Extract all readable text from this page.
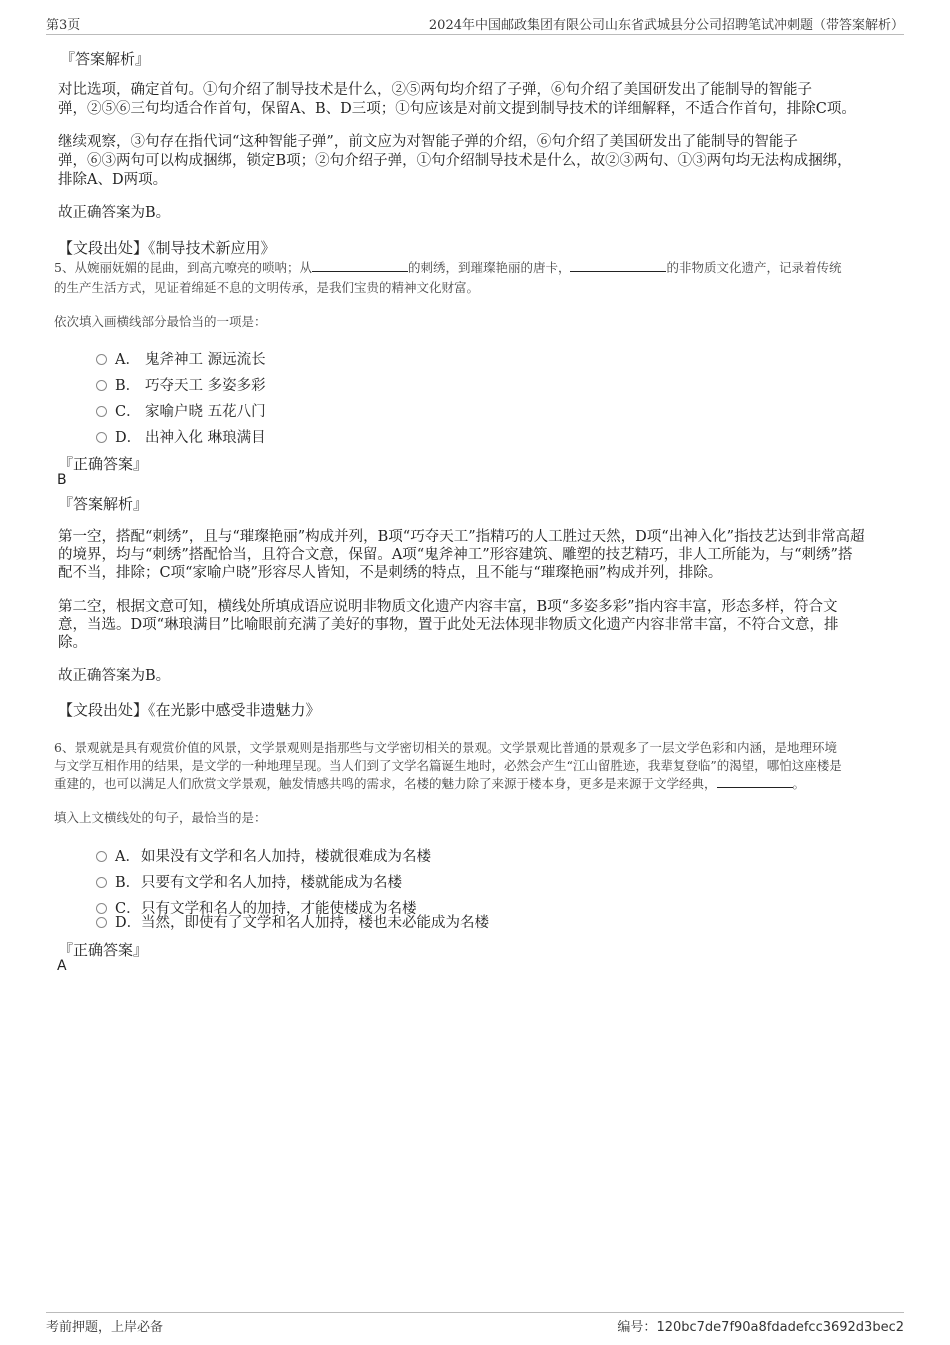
第3页	2024年中国邮政集团有限公司山东省武城县分公司招聘笔试冲刺题（带答案解析）
『答案解析』
对比选项，确定首句。①句介绍了制导技术是什么，②⑤两句均介绍了子弹，⑥句介绍了美国研发出了能制导的智能子
弹，②⑤⑥三句均适合作首句，保留A、B、D三项；①句应该是对前文提到制导技术的详细解释，不适合作首句，排除C项。
继续观察，③句存在指代词“这种智能子弹”，前文应为对智能子弹的介绍，⑥句介绍了美国研发出了能制导的智能子
弹，⑥③两句可以构成捆绑，锁定B项；②句介绍子弹，①句介绍制导技术是什么，故②③两句、①③两句均无法构成捆绑，
排除A、D两项。
故正确答案为B。
【文段出处】《制导技术新应用》
5、从婉丽妩媚的昆曲，到高亢嘹亮的唢呐；从	的刺绣，到璀璨艳丽的唐卡，	的非物质文化遗产，记录着传统
的生产生活方式，见证着绵延不息的文明传承，是我们宝贵的精神文化财富。
依次填入画横线部分最恰当的一项是：
A． 鬼斧神工 源远流长
B． 巧夺天工 多姿多彩
C． 家喻户晓 五花八门
D． 出神入化 琳琅满目
『正确答案』
B
『答案解析』
第一空，搭配“刺绣”，且与“璀璨艳丽”构成并列，B项“巧夺天工”指精巧的人工胜过天然，D项“出神入化”指技艺达到非常高超
的境界，均与“刺绣”搭配恰当，且符合文意，保留。A项“鬼斧神工”形容建筑、雕塑的技艺精巧，非人工所能为，与“刺绣”搭
配不当，排除；C项“家喻户晓”形容尽人皆知，不是刺绣的特点，且不能与“璀璨艳丽”构成并列，排除。
第二空，根据文意可知，横线处所填成语应说明非物质文化遗产内容丰富，B项“多姿多彩”指内容丰富，形态多样，符合文
意，当选。D项“琳琅满目”比喻眼前充满了美好的事物，置于此处无法体现非物质文化遗产内容非常丰富，不符合文意，排
除。
故正确答案为B。
【文段出处】《在光影中感受非遗魅力》
6、景观就是具有观赏价值的风景，文学景观则是指那些与文学密切相关的景观。文学景观比普通的景观多了一层文学色彩和内涵，是地理环境
与文学互相作用的结果，是文学的一种地理呈现。当人们到了文学名篇诞生地时，必然会产生“江山留胜迹，我辈复登临”的渴望，哪怕这座楼是
重建的，也可以满足人们欣赏文学景观，触发情感共鸣的需求，名楼的魅力除了来源于楼本身，更多是来源于文学经典，	。
填入上文横线处的句子，最恰当的是：
A．如果没有文学和名人加持，楼就很难成为名楼
B．只要有文学和名人加持，楼就能成为名楼
C．只有文学和名人的加持，才能使楼成为名楼
D．当然，即使有了文学和名人加持，楼也未必能成为名楼
『正确答案』
A
考前押题，上岸必备	编号：120bc7de7f90a8fdadefcc3692d3bec2
